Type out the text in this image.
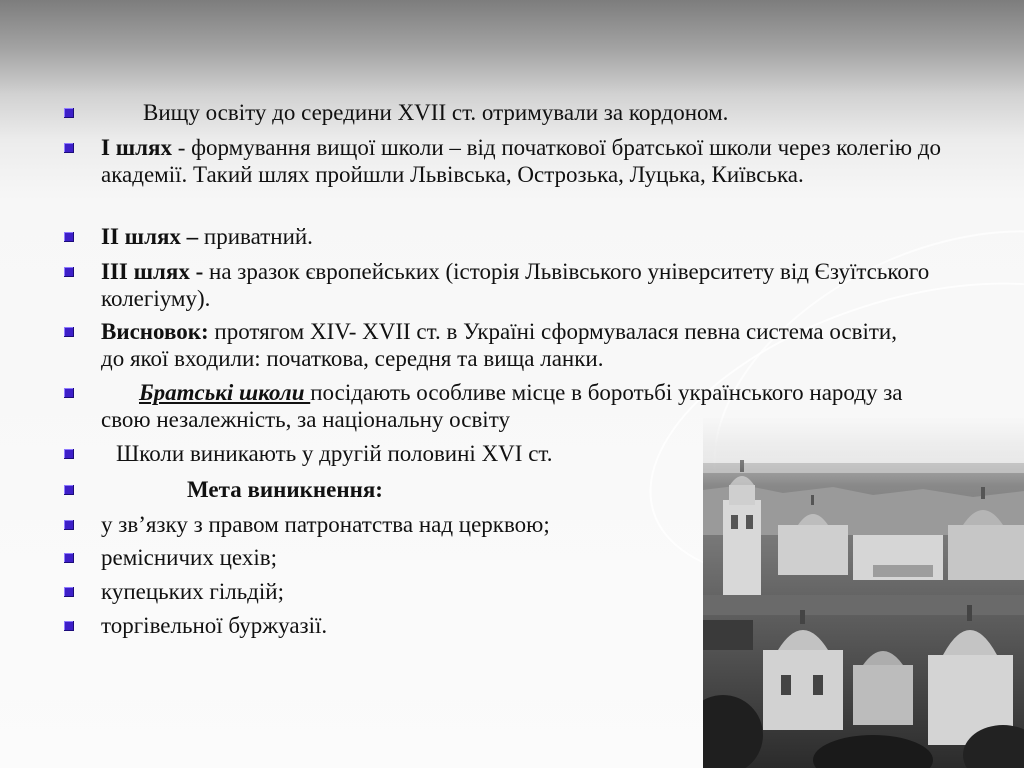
Вищу освіту до середини XVII ст. отримували за кордоном.
І шлях - формування вищої школи – від початкової братської школи через колегію до академії. Такий шлях пройшли Львівська, Острозька, Луцька, Київська.
ІІ шлях – приватний.
ІІІ шлях - на зразок європейських (історія Львівського університету від Єзуїтського колегіуму).
Висновок: протягом XIV- XVII ст. в Україні сформувалася певна система освіти, до якої входили: початкова, середня та вища ланки.
Братські школи посідають особливе місце в боротьбі українського народу за свою незалежність, за національну освіту
Школи виникають у другій половині XVI ст.
Мета виникнення:
у зв’язку з правом патронатства над церквою;
ремісничих цехів;
купецьких гільдій;
торгівельної буржуазії.
